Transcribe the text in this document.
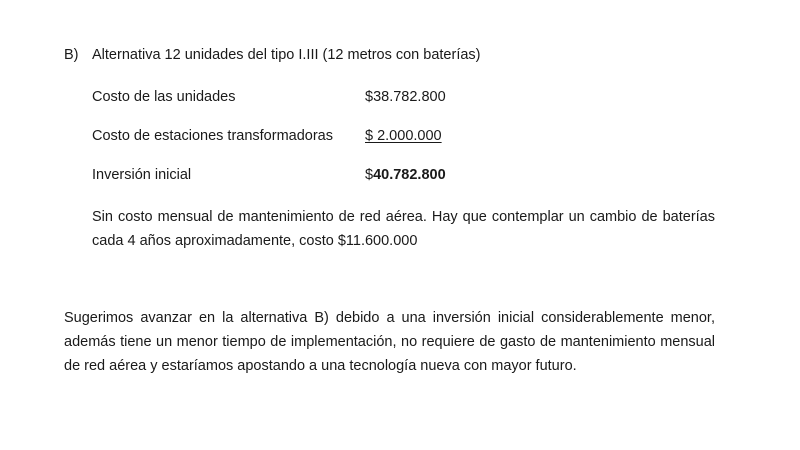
B) Alternativa 12 unidades del tipo I.III (12 metros con baterías)
Costo de las unidades	$38.782.800
Costo de estaciones transformadoras $ 2.000.000
Inversión inicial	$40.782.800
Sin costo mensual de mantenimiento de red aérea. Hay que contemplar un cambio de baterías cada 4 años aproximadamente, costo $11.600.000
Sugerimos avanzar en la alternativa B) debido a una inversión inicial considerablemente menor, además tiene un menor tiempo de implementación, no requiere de gasto de mantenimiento mensual de red aérea y estaríamos apostando a una tecnología nueva con mayor futuro.
